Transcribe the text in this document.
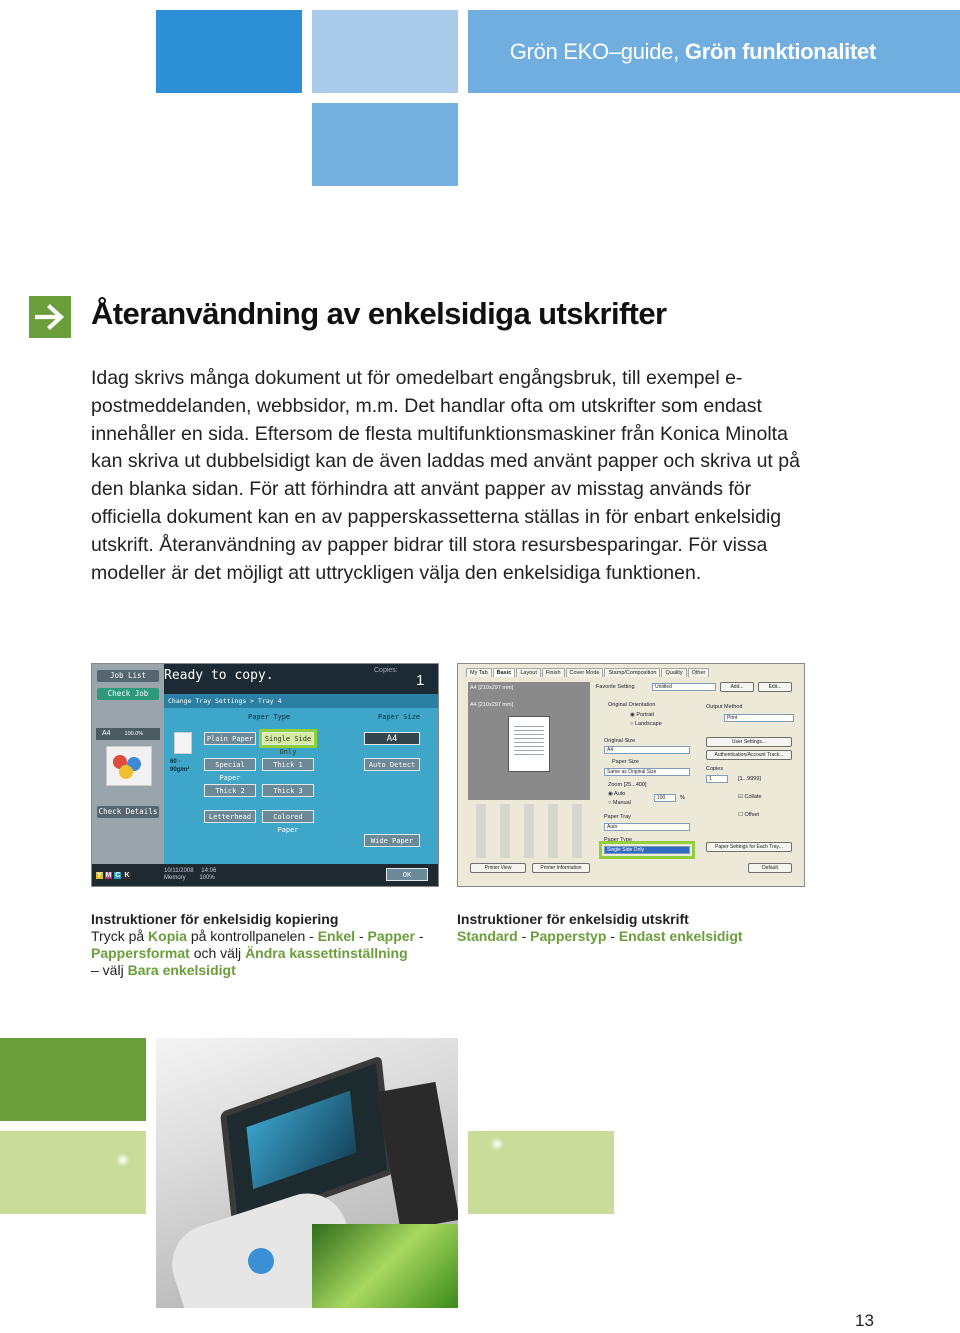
Grön EKO–guide, Grön funktionalitet
Återanvändning av enkelsidiga utskrifter
Idag skrivs många dokument ut för omedelbart engångsbruk, till exempel e-postmeddelanden, webbsidor, m.m. Det handlar ofta om utskrifter som endast innehåller en sida. Eftersom de flesta multifunktionsmaskiner från Konica Minolta kan skriva ut dubbelsidigt kan de även laddas med använt papper och skriva ut på den blanka sidan. För att förhindra att använt papper av misstag används för officiella dokument kan en av papperskassetterna ställas in för enbart enkelsidig utskrift. Återanvändning av papper bidrar till stora resursbesparingar. För vissa modeller är det möjligt att uttryckligen välja den enkelsidiga funktionen.
Job List
Check Job
A4	100.0%
Check Details
Ready to copy.	Copies:
1
Change Tray Settings > Tray 4
Paper Type	Paper Size
60 - 90g/m²
Plain Paper	Single Side Only
Special Paper
Thick 1
Thick 2	Thick 3
Letterhead	Colored Paper
A4
Auto Detect
Wide Paper
Y M C K
10/11/2008 14:06
Memory 100%	OK
My Tab Basic Layout Finish Cover Mode Stamp/Composition Quality Other
A4 [210x297 mm]
A4 [210x297 mm]
Printer View	Printer Information
Favorite Setting	Untitled	Add...	Edit...
Original Orientation
◉ Portrait
○ Landscape
Original Size
A4
Paper Size
Same as Original Size
Zoom [25...400]
◉ Auto
○ Manual
100	%
Paper Tray
Auto
Paper Type
Single Side Only
Output Method
Print
User Settings...
Authentication/Account Track...
Copies
1	[1...9999]
☑ Collate
☐ Offset
Paper Settings for Each Tray...
Default
Instruktioner för enkelsidig kopiering
Tryck på Kopia på kontrollpanelen - Enkel - Papper - Pappersformat och välj Ändra kassettinställning
– välj Bara enkelsidigt
Instruktioner för enkelsidig utskrift
Standard - Papperstyp - Endast enkelsidigt
13
